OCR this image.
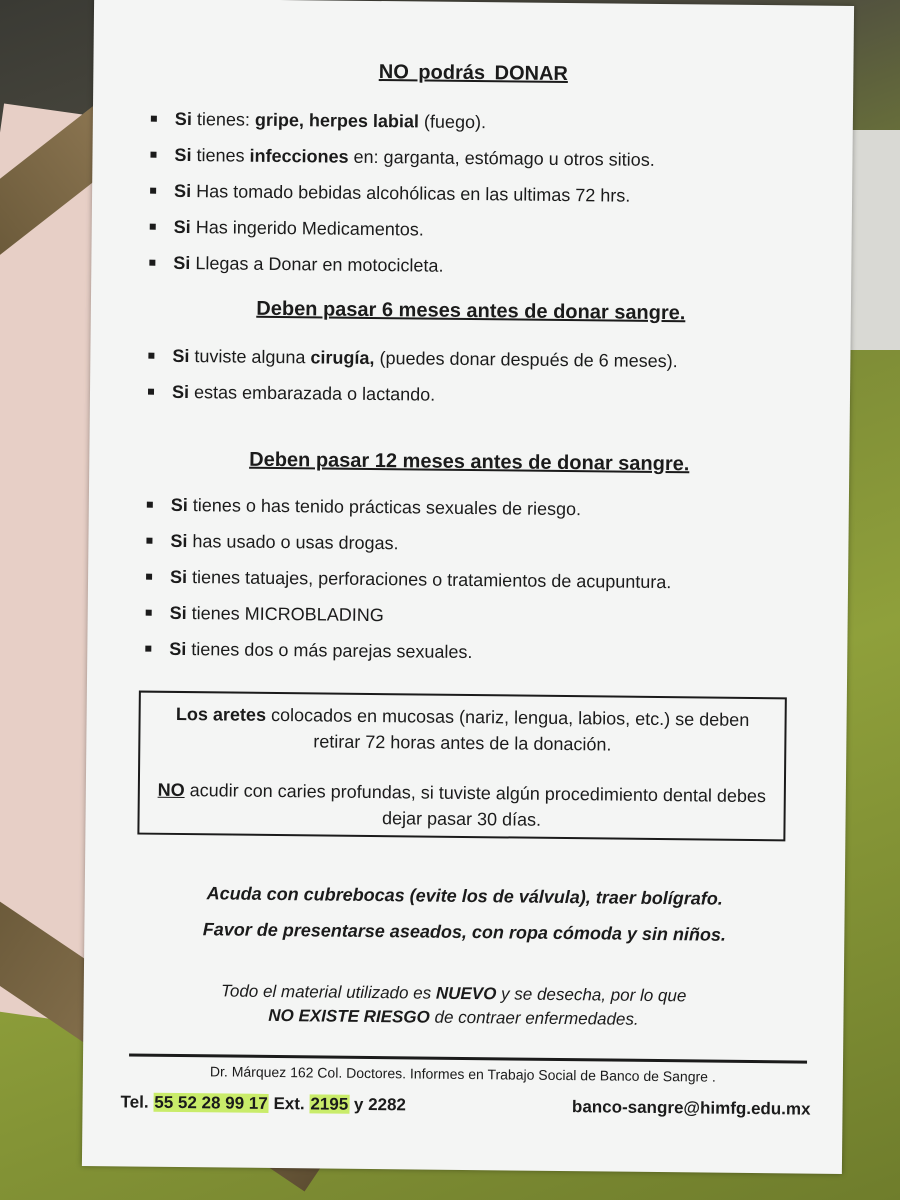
NO podrás DONAR
Si tienes: gripe, herpes labial (fuego).
Si tienes infecciones en: garganta, estómago u otros sitios.
Si Has tomado bebidas alcohólicas en las ultimas 72 hrs.
Si Has ingerido Medicamentos.
Si Llegas a Donar en motocicleta.
Deben pasar 6 meses antes de donar sangre.
Si tuviste alguna cirugía, (puedes donar después de 6 meses).
Si estas embarazada o lactando.
Deben pasar 12 meses antes de donar sangre.
Si tienes o has tenido prácticas sexuales de riesgo.
Si has usado o usas drogas.
Si tienes tatuajes, perforaciones o tratamientos de acupuntura.
Si tienes MICROBLADING
Si tienes dos o más parejas sexuales.
Los aretes colocados en mucosas (nariz, lengua, labios, etc.) se deben retirar 72 horas antes de la donación.
NO acudir con caries profundas, si tuviste algún procedimiento dental debes dejar pasar 30 días.
Acuda con cubrebocas (evite los de válvula), traer bolígrafo.
Favor de presentarse aseados, con ropa cómoda y sin niños.
Todo el material utilizado es NUEVO y se desecha, por lo que
NO EXISTE RIESGO de contraer enfermedades.
Dr. Márquez 162 Col. Doctores. Informes en Trabajo Social de Banco de Sangre .
Tel. 55 52 28 99 17 Ext. 2195 y 2282	banco-sangre@himfg.edu.mx
